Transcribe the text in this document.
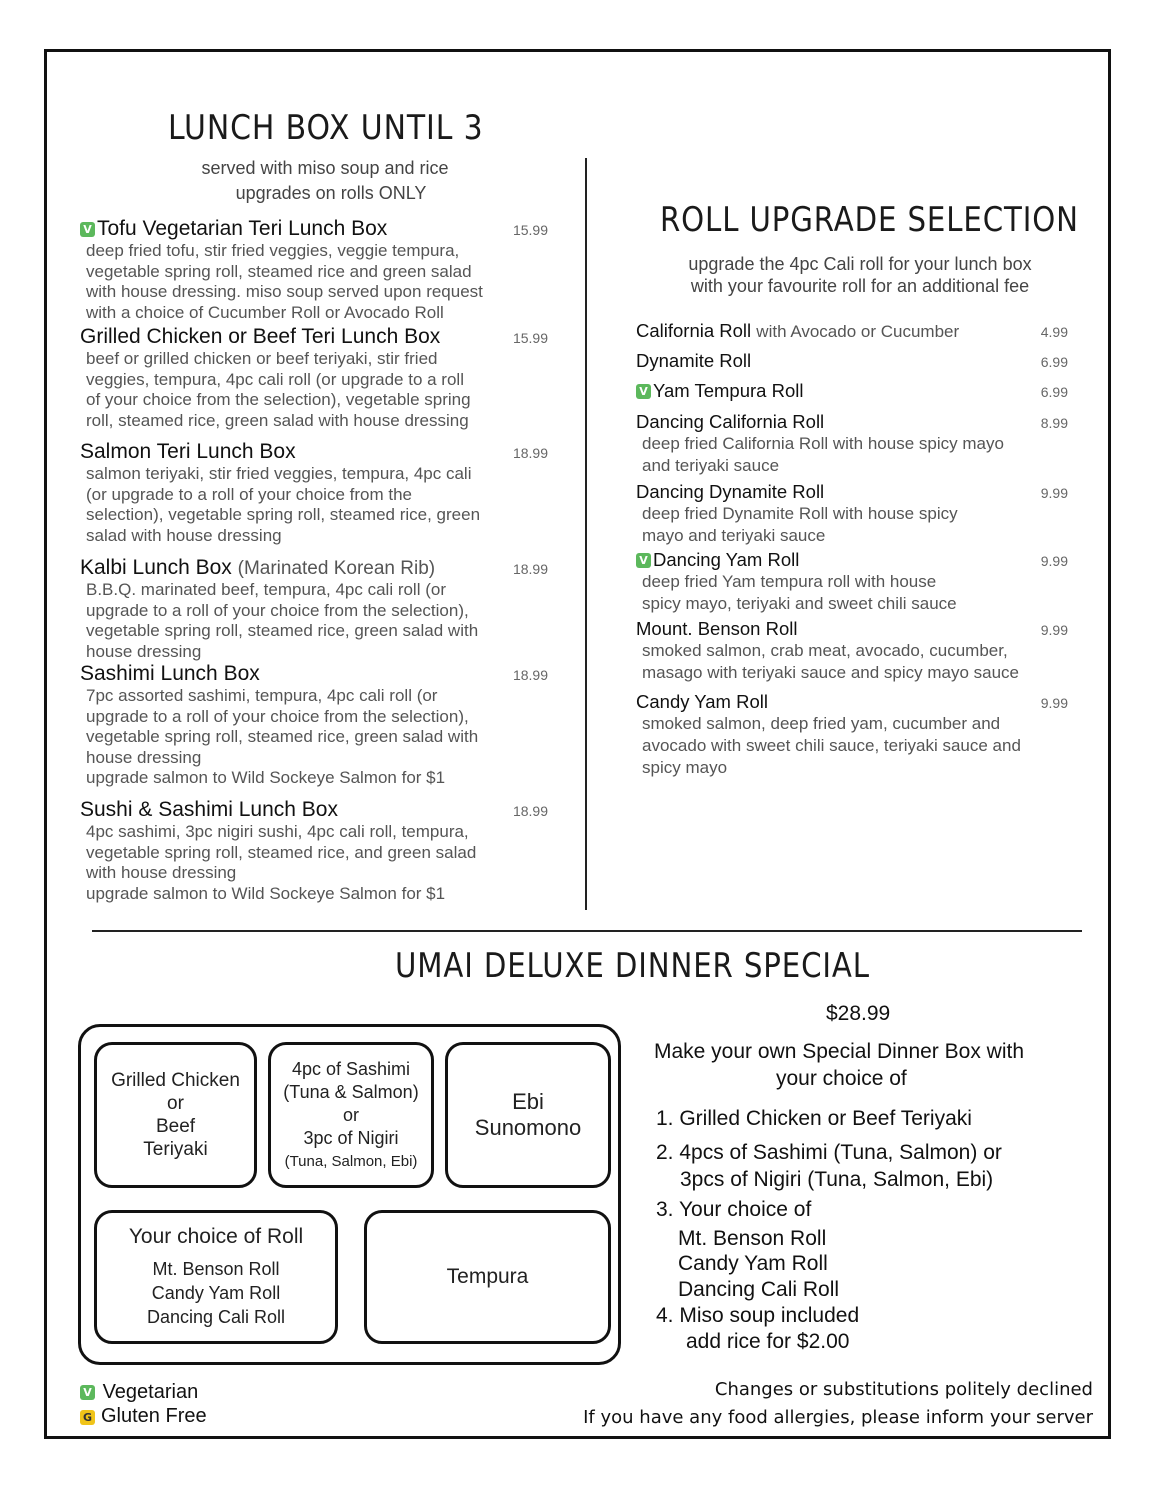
LUNCH BOX UNTIL 3
served with miso soup and rice
upgrades on rolls ONLY
V Tofu Vegetarian Teri Lunch Box	15.99
deep fried tofu, stir fried veggies, veggie tempura,
vegetable spring roll, steamed rice and green salad
with house dressing. miso soup served upon request
with a choice of Cucumber Roll or Avocado Roll
Grilled Chicken or Beef Teri Lunch Box	15.99
beef or grilled chicken or beef teriyaki, stir fried
veggies, tempura, 4pc cali roll (or upgrade to a roll
of your choice from the selection), vegetable spring
roll, steamed rice, green salad with house dressing
Salmon Teri Lunch Box	18.99
salmon teriyaki, stir fried veggies, tempura, 4pc cali
(or upgrade to a roll of your choice from the
selection), vegetable spring roll, steamed rice, green
salad with house dressing
Kalbi Lunch Box (Marinated Korean Rib)	18.99
B.B.Q. marinated beef, tempura, 4pc cali roll (or
upgrade to a roll of your choice from the selection),
vegetable spring roll, steamed rice, green salad with
house dressing
Sashimi Lunch Box	18.99
7pc assorted sashimi, tempura, 4pc cali roll (or
upgrade to a roll of your choice from the selection),
vegetable spring roll, steamed rice, green salad with
house dressing
upgrade salmon to Wild Sockeye Salmon for $1
Sushi & Sashimi Lunch Box	18.99
4pc sashimi, 3pc nigiri sushi, 4pc cali roll, tempura,
vegetable spring roll, steamed rice, and green salad
with house dressing
upgrade salmon to Wild Sockeye Salmon for $1
ROLL UPGRADE SELECTION
upgrade the 4pc Cali roll for your lunch box
with your favourite roll for an additional fee
California Roll with Avocado or Cucumber	4.99
Dynamite Roll	6.99
V Yam Tempura Roll	6.99
Dancing California Roll	8.99
deep fried California Roll with house spicy mayo
and teriyaki sauce
Dancing Dynamite Roll	9.99
deep fried Dynamite Roll with house spicy
mayo and teriyaki sauce
V Dancing Yam Roll	9.99
deep fried Yam tempura roll with house
spicy mayo, teriyaki and sweet chili sauce
Mount. Benson Roll	9.99
smoked salmon, crab meat, avocado, cucumber,
masago with teriyaki sauce and spicy mayo sauce
Candy Yam Roll	9.99
smoked salmon, deep fried yam, cucumber and
avocado with sweet chili sauce, teriyaki sauce and
spicy mayo
UMAI DELUXE DINNER SPECIAL
Grilled Chicken
or
Beef
Teriyaki
4pc of Sashimi
(Tuna & Salmon)
or
3pc of Nigiri
(Tuna, Salmon, Ebi)
Ebi
Sunomono
Your choice of Roll
Mt. Benson Roll
Candy Yam Roll
Dancing Cali Roll
Tempura
$28.99
Make your own Special Dinner Box with
your choice of
1. Grilled Chicken or Beef Teriyaki
2. 4pcs of Sashimi (Tuna, Salmon) or
3pcs of Nigiri (Tuna, Salmon, Ebi)
3. Your choice of
Mt. Benson Roll
Candy Yam Roll
Dancing Cali Roll
4. Miso soup included
add rice for $2.00
V Vegetarian
G Gluten Free
Changes or substitutions politely declined
If you have any food allergies, please inform your server
